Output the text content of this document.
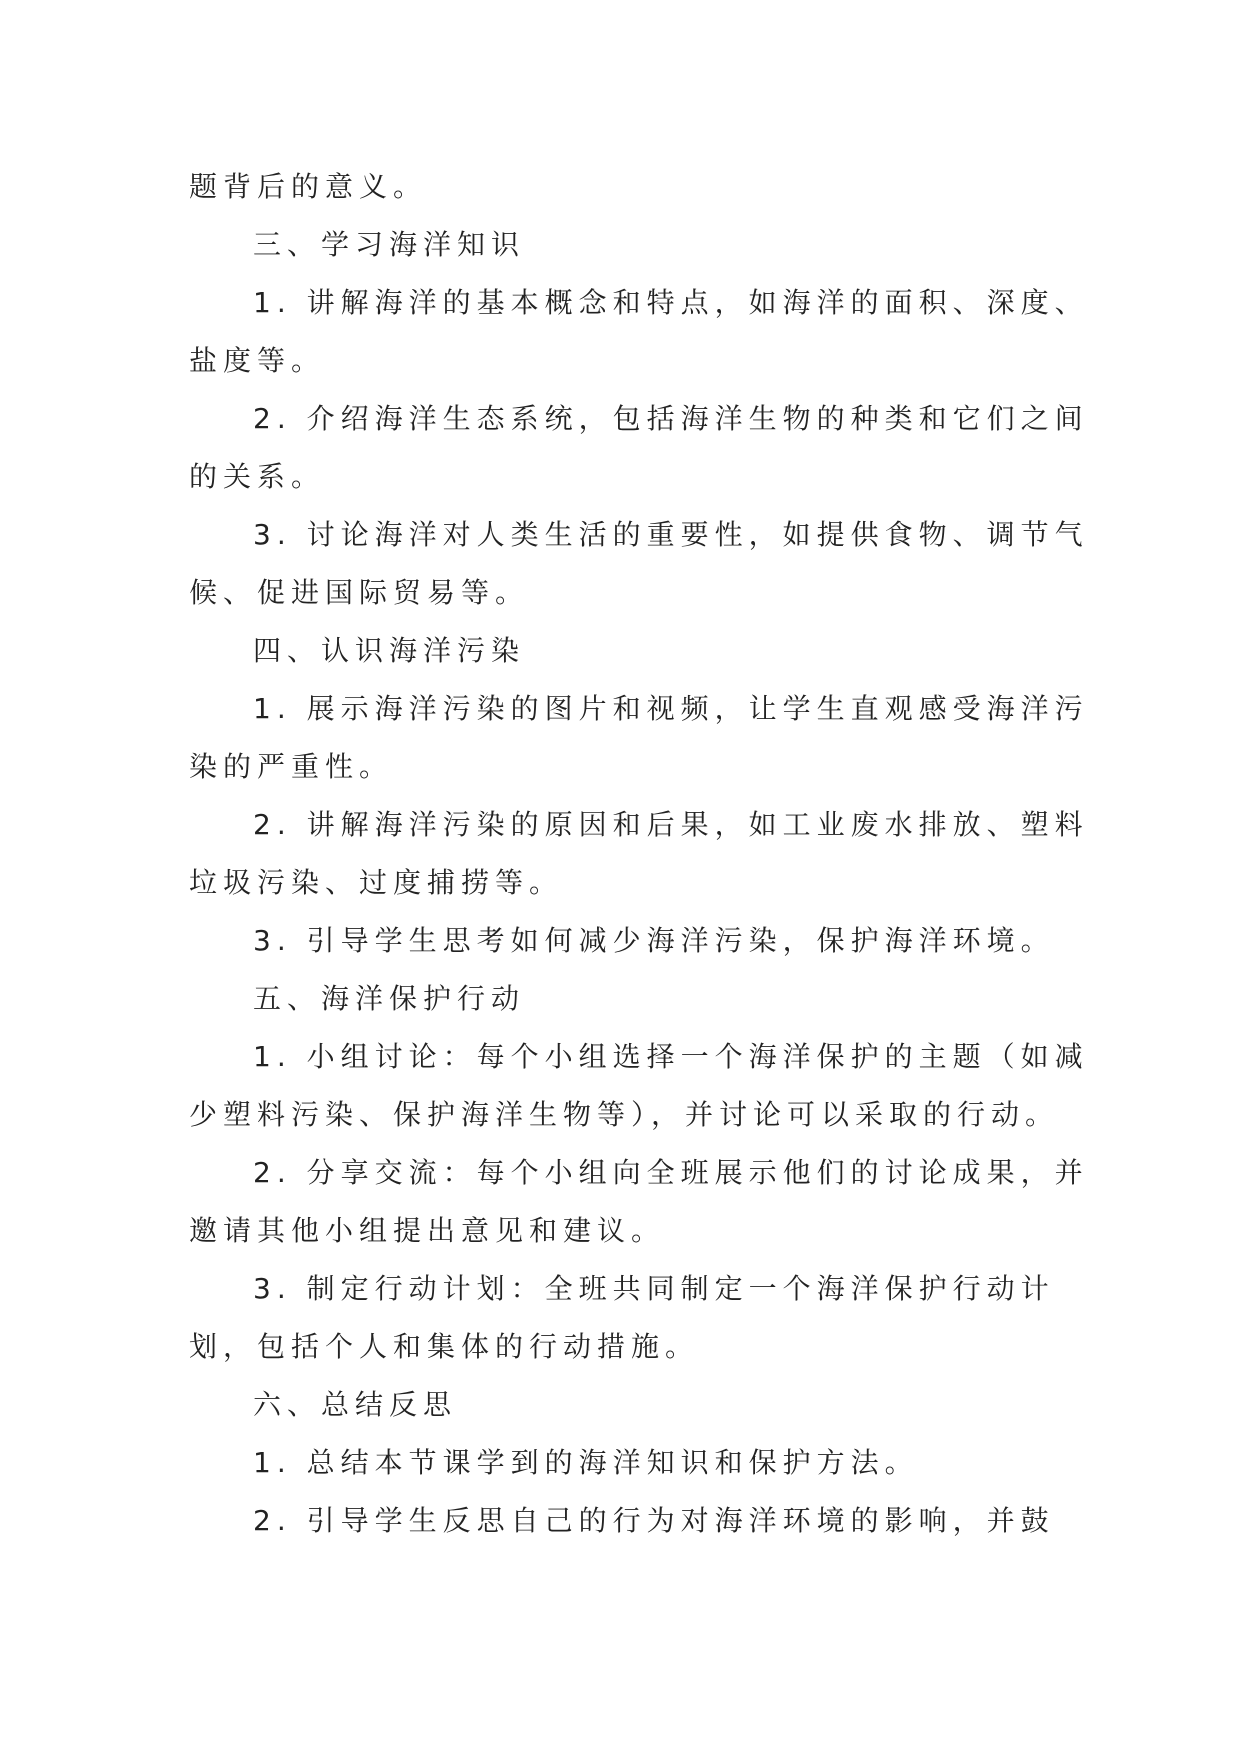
题背后的意义。

三、学习海洋知识

1. 讲解海洋的基本概念和特点，如海洋的面积、深度、盐度等。

2. 介绍海洋生态系统，包括海洋生物的种类和它们之间的关系。

3. 讨论海洋对人类生活的重要性，如提供食物、调节气候、促进国际贸易等。

四、认识海洋污染

1. 展示海洋污染的图片和视频，让学生直观感受海洋污染的严重性。

2. 讲解海洋污染的原因和后果，如工业废水排放、塑料垃圾污染、过度捕捞等。

3. 引导学生思考如何减少海洋污染，保护海洋环境。

五、海洋保护行动

1. 小组讨论：每个小组选择一个海洋保护的主题（如减少塑料污染、保护海洋生物等），并讨论可以采取的行动。

2. 分享交流：每个小组向全班展示他们的讨论成果，并邀请其他小组提出意见和建议。

3. 制定行动计划：全班共同制定一个海洋保护行动计划，包括个人和集体的行动措施。

六、总结反思

1. 总结本节课学到的海洋知识和保护方法。

2. 引导学生反思自己的行为对海洋环境的影响，并鼓
